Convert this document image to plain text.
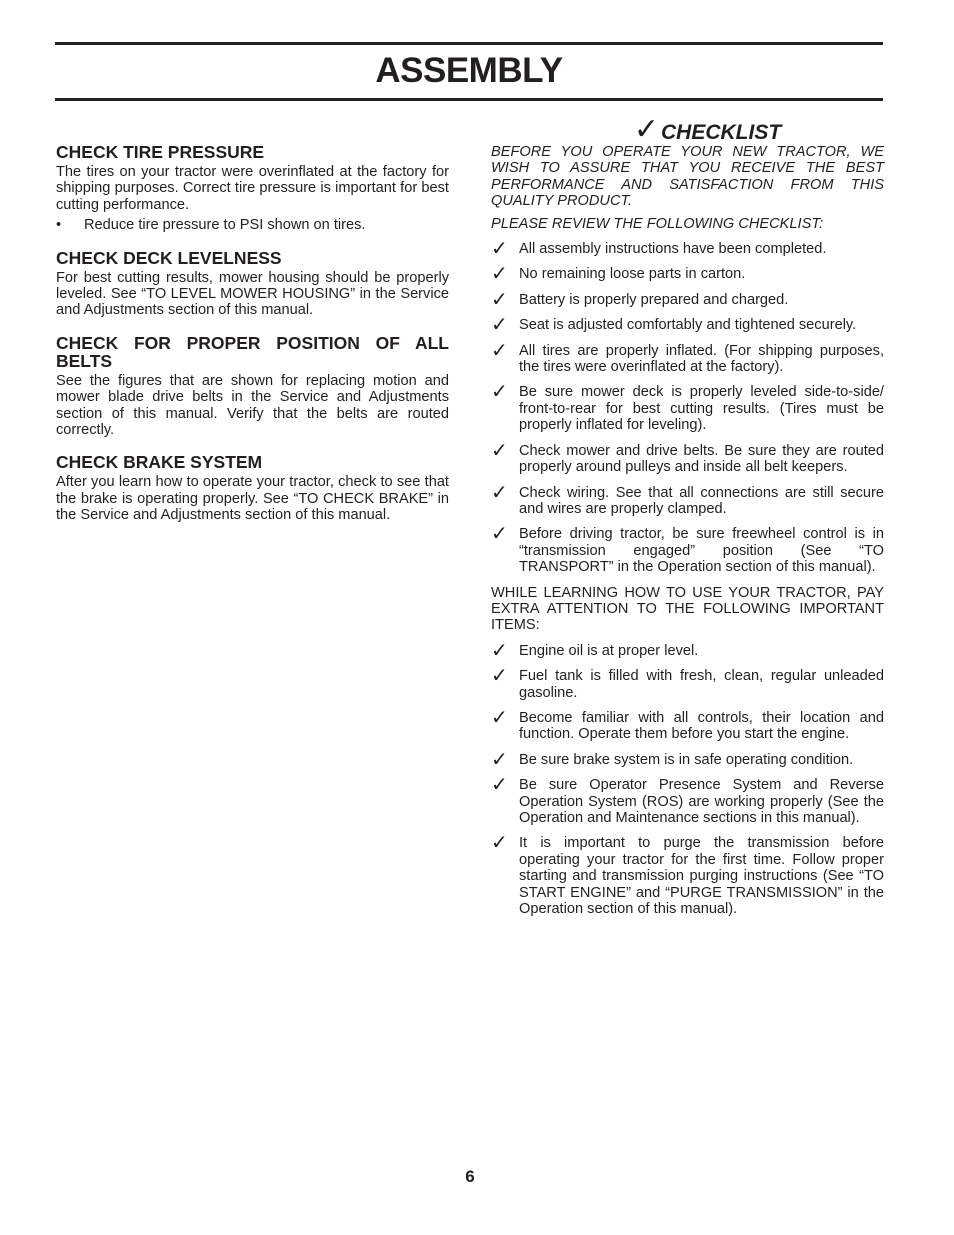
ASSEMBLY
CHECK TIRE PRESSURE

The tires on your tractor were overinflated at the factory for shipping purposes. Correct tire pressure is important for best cutting performance.

•	Reduce tire pressure to PSI shown on tires.
CHECK DECK LEVELNESS

For best cutting results, mower housing should be properly leveled. See “TO LEVEL MOWER HOUSING” in the Service and Adjustments section of this manual.

CHECK FOR PROPER POSITION OF ALL BELTS

See the figures that are shown for replacing motion and mower blade drive belts in the Service and Adjustments section of this manual. Verify that the belts are routed correctly.

CHECK BRAKE SYSTEM

After you learn how to operate your tractor, check to see that the brake is operating properly. See “TO CHECK BRAKE” in the Service and Adjustments section of this manual.

✓ CHECKLIST
BEFORE YOU OPERATE YOUR NEW TRACTOR, WE WISH TO ASSURE THAT YOU RECEIVE THE BEST PERFORMANCE AND SATISFACTION FROM THIS QUALITY PRODUCT.
PLEASE REVIEW THE FOLLOWING CHECKLIST:
✓ All assembly instructions have been completed.
✓ No remaining loose parts in carton.
✓ Battery is properly prepared and charged.
✓ Seat is adjusted comfortably and tightened securely.
✓ All tires are properly inflated. (For shipping purposes, the tires were overinflated at the factory).
✓ Be sure mower deck is properly leveled side-to-side/ front-to-rear for best cutting results. (Tires must be properly inflated for leveling).
✓ Check mower and drive belts. Be sure they are routed properly around pulleys and inside all belt keepers.
✓ Check wiring. See that all connections are still secure and wires are properly clamped.
✓ Before driving tractor, be sure freewheel control is in “transmission engaged” position (See “TO TRANSPORT” in the Operation section of this manual).
WHILE LEARNING HOW TO USE YOUR TRACTOR, PAY EXTRA ATTENTION TO THE FOLLOWING IMPORTANT ITEMS:
✓ Engine oil is at proper level.
✓ Fuel tank is filled with fresh, clean, regular unleaded gasoline.
✓ Become familiar with all controls, their location and function. Operate them before you start the engine.
✓ Be sure brake system is in safe operating condition.
✓ Be sure Operator Presence System and Reverse Operation System (ROS) are working properly (See the Operation and Maintenance sections in this manual).
✓ It is important to purge the transmission before operating your tractor for the first time. Follow proper starting and transmission purging instructions (See “TO START ENGINE” and “PURGE TRANSMISSION” in the Operation section of this manual).
6
